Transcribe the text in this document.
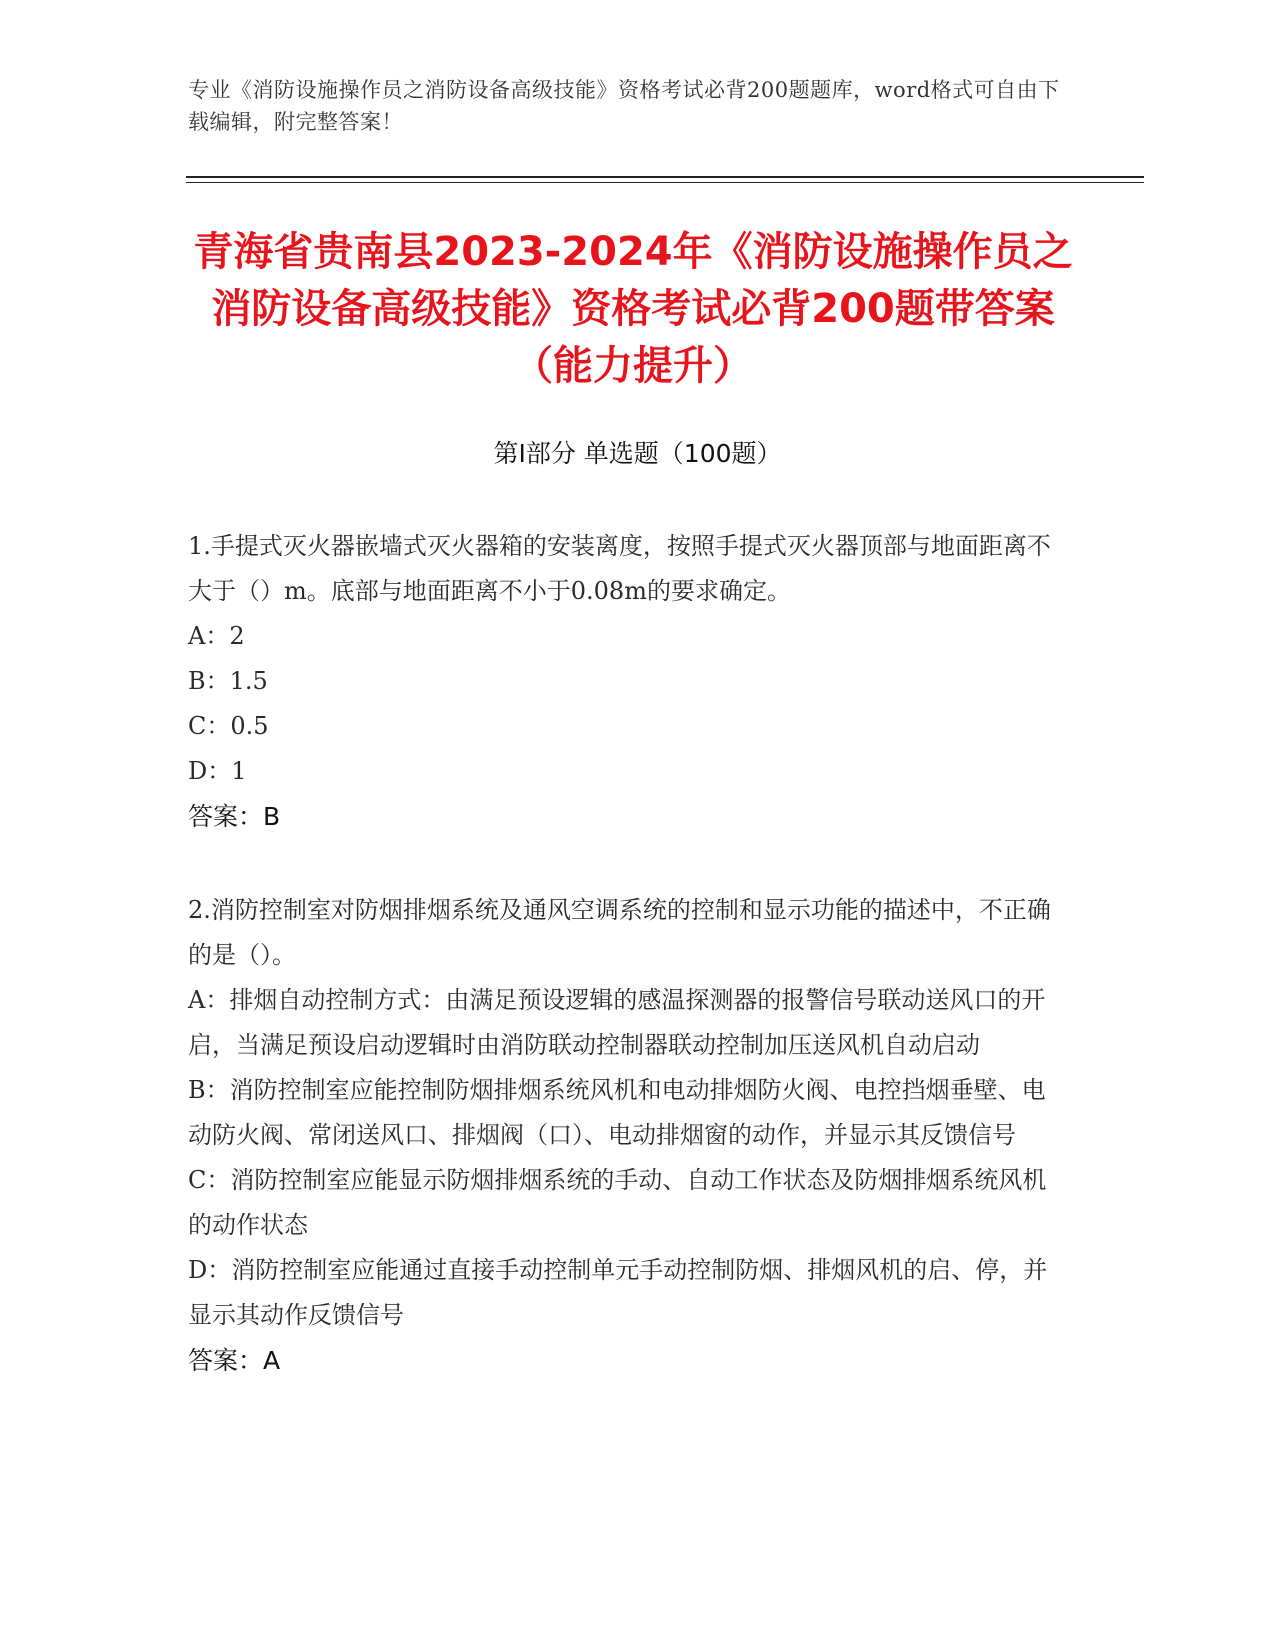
专业《消防设施操作员之消防设备高级技能》资格考试必背200题题库，word格式可自由下载编辑，附完整答案！
青海省贵南县2023-2024年《消防设施操作员之消防设备高级技能》资格考试必背200题带答案（能力提升）
第I部分 单选题（100题）

1.手提式灭火器嵌墙式灭火器箱的安装离度，按照手提式灭火器顶部与地面距离不大于（）m。底部与地面距离不小于0.08m的要求确定。

A：2

B：1.5

C：0.5

D：1

答案：B

2.消防控制室对防烟排烟系统及通风空调系统的控制和显示功能的描述中，不正确的是（）。

A：排烟自动控制方式：由满足预设逻辑的感温探测器的报警信号联动送风口的开启，当满足预设启动逻辑时由消防联动控制器联动控制加压送风机自动启动

B：消防控制室应能控制防烟排烟系统风机和电动排烟防火阀、电控挡烟垂壁、电动防火阀、常闭送风口、排烟阀（口）、电动排烟窗的动作，并显示其反馈信号

C：消防控制室应能显示防烟排烟系统的手动、自动工作状态及防烟排烟系统风机的动作状态

D：消防控制室应能通过直接手动控制单元手动控制防烟、排烟风机的启、停，并显示其动作反馈信号

答案：A
